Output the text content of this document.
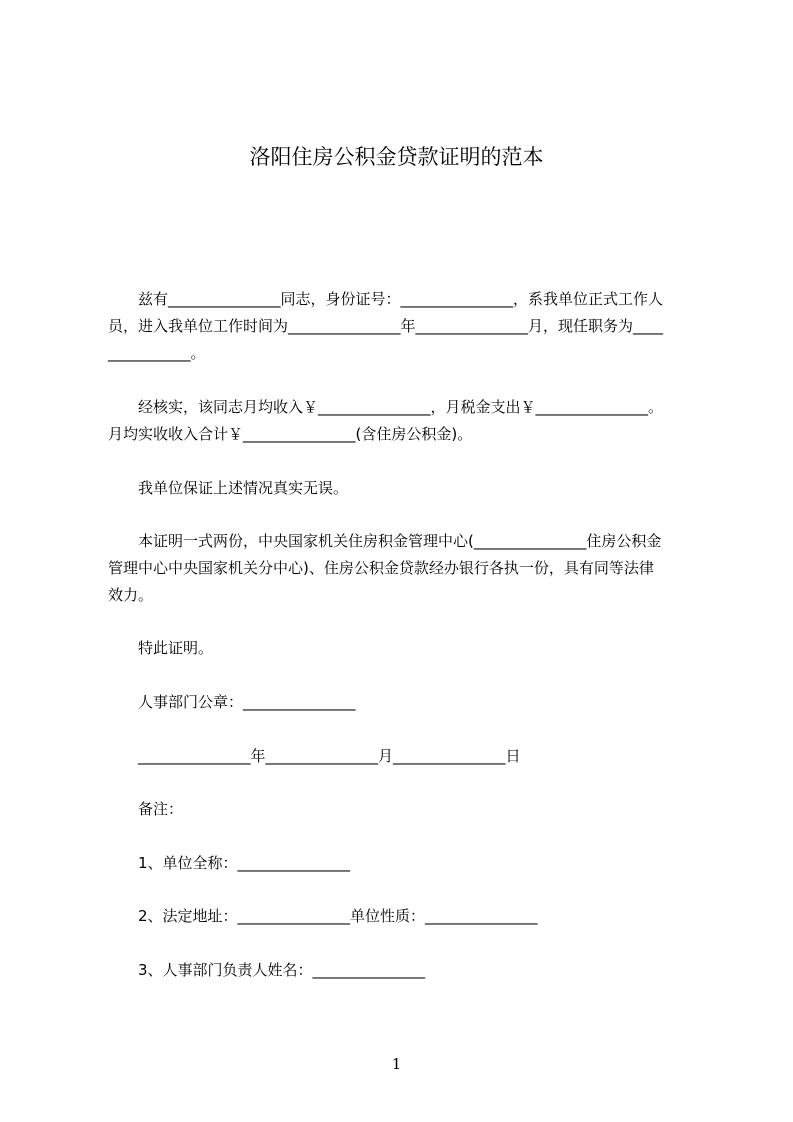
洛阳住房公积金贷款证明的范本
兹有_______________同志，身份证号：_______________，系我单位正式工作人
员，进入我单位工作时间为_______________年_______________月，现任职务为____
___________。
经核实，该同志月均收入￥_______________，月税金支出￥_______________。
月均实收收入合计￥_______________(含住房公积金)。
我单位保证上述情况真实无误。
本证明一式两份，中央国家机关住房积金管理中心(_______________住房公积金
管理中心中央国家机关分中心)、住房公积金贷款经办银行各执一份，具有同等法律
效力。
特此证明。
人事部门公章：_______________
_______________年_______________月_______________日
备注：
1、单位全称：_______________
2、法定地址：_______________单位性质：_______________
3、人事部门负责人姓名：_______________
1
